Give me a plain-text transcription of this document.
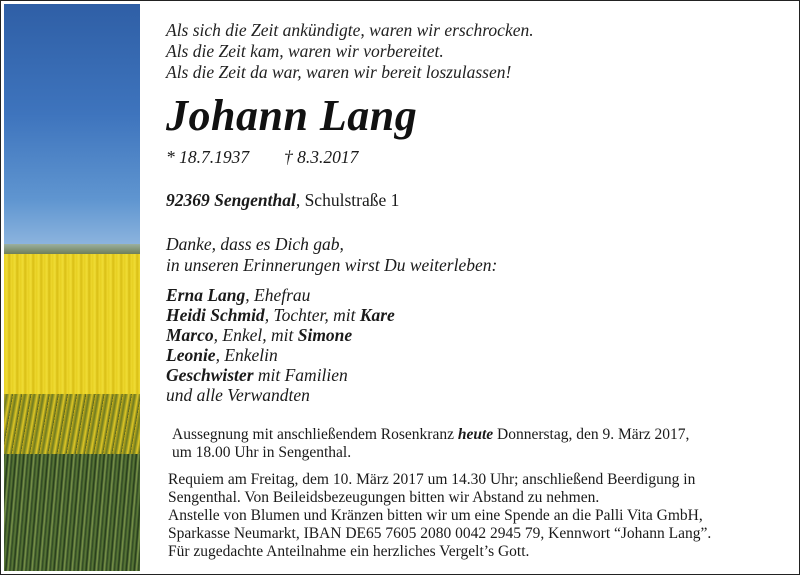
Als sich die Zeit ankündigte, waren wir erschrocken.
Als die Zeit kam, waren wir vorbereitet.
Als die Zeit da war, waren wir bereit loszulassen!
Johann Lang
* 18.7.1937 † 8.3.2017
92369 Sengenthal, Schulstraße 1
Danke, dass es Dich gab,
in unseren Erinnerungen wirst Du weiterleben:
Erna Lang, Ehefrau
Heidi Schmid, Tochter, mit Kare
Marco, Enkel, mit Simone
Leonie, Enkelin
Geschwister mit Familien
und alle Verwandten
Aussegnung mit anschließendem Rosenkranz heute Donnerstag, den 9. März 2017,
um 18.00 Uhr in Sengenthal.
Requiem am Freitag, dem 10. März 2017 um 14.30 Uhr; anschließend Beerdigung in
Sengenthal. Von Beileidsbezeugungen bitten wir Abstand zu nehmen.
Anstelle von Blumen und Kränzen bitten wir um eine Spende an die Palli Vita GmbH,
Sparkasse Neumarkt, IBAN DE65 7605 2080 0042 2945 79, Kennwort “Johann Lang”.
Für zugedachte Anteilnahme ein herzliches Vergelt’s Gott.
